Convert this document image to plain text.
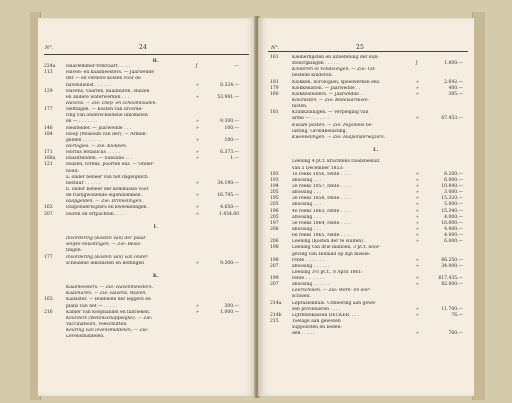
24
N°.
H.
224a	Haarlemmer-trekvaart. . . . .	ƒ	—
113	Haven- en kaaimeesters. — Jaarwedde
der — en verdere kosten voor de
havendienst . . . . . .	»	8.324.—
129	Havens, vaarten, kaaimuren, sluizen
en andere waterwerken . . .	»	53.981.—
Havens. — Zie: Diep- en schoonhouden.
177	Heffingen. — Kosten van invorde-
ring van onderscheidene inkomsten
en — . . . . . . .	»	9.300.—
146	Heistelder. — Jaarwedde . . .	»	100.—
184	Hoop (Museum van der). — Armen-
gelden . . . . . . .	»	100.—
Horlogiës. — Zie: Klokken.
171	Hortus Botanicus . . . . .	»	6.373.—
188a	Huisittenden. — Subsidie . . .	»	1.—
121	Huizen, torens, poorten enz. — Onder-
houd:
a. onder beheer van het dagelijksch
bestuur . . . . . .	»	34.190.—
b. onder beheer der kommissie voor
de rustigwonende eigendommen .	»	16.795.—
Hulpgelden. — Zie: Drinkelingen.
163	Hulponderwijzers en kweekelingen .	»	4.650.—
207	Huren en erfpachten . . . .	»	1.454.60
I.
Invordering (Kosten van) der plaat-
selijke belastingen. — Zie: Belas-
tingen.
177	Invordering (Kosten van) van onder-
scheidene inkomsten en heffingen	»	9.300.—
K.
Kaaimeesters. — Zie: Havenmeesters.
Kaaimuren. — Zie: Havens, Wallen.
163	Kadaster. — Bobbelen der leggers en
plans van het — . . . . .	»	300.—
216	Kamer van koophandel en fabrieken.	»	1.000.—
Keurders (Wetenschappelijke). — Zie:
Vaccinateurs, Veeschutten.
Keuring van levensmiddelen. — Zie:
Levensmiddelen.
25
N°.
161	Kleinerhijsten en uitoefening der kun-
sten/rijkingen . . . . .	ƒ	1.800.—
Kinderen in Vondelingen. — Zie: Uit-
bestede kinderen.
181	Klokken, horologiën, speelwerken enz.	»	2.642.—
179	Klokkenisten. — Jaarwedde . .	»	400.—
180	Klokkestelders. — Jaarwedde . .	»	385.—
Kolonisten. — Zie: Bedelaarskolo-
nisten.
181	Krankzinnigen. — Verpleging van
arme — . . . . . . .	»	67.453.—
Kwade posten. — Zie: Paysmele be-
lasting, Grondbelasting.
Kweekelingen. — Zie: Hulponderwijzers.
L.
Leening 4 pCt. krachtens raadsbesluit
van 5 December 1853:
193	1e reeks 1856, rente . . . .	»	8.200.—
193	aflossing . . .	»	6.000.—
194	2e reeks 1857, rente . . . .	»	10.840.—
205	aflossing . . .	»	3.000.—
195	3e reeks 1858, rente . . . .	»	15.320.—
205	aflossing . . .	»	5.000.—
196	4e reeks 1863, rente . . . .	»	15.340.—
205	aflossing . . .	»	4.000.—
197	5e reeks 1864, rente . . . .	»	16.000.—
206	aflossing . . .	»	4.000.—
6e reeks 1865, rente . . . .	»	4.000.—
206	Leening (Kosten der te sluiten) .	»	6.000.—
198	Leening van drie millioen, 3 pCt. door-
geving van Holland op zijn missie:
198	rente . . . . . . .	»	66.250.—
207	aflossing . . . . . .	»	34.000.—
Leening 3½ pCt., 8 April 1861:
199	rente . . . . . . .	»	617.435.—
207	aflossing . . . . . .	»	82.000.—
Leerscholen. — Zie: Werk- en leer-
scholen.
214a	Lepraziekhuis. Uitkeering aan gewe-
zen provenieren . . . .	»	11.700.—
214b	Lijfrentekassen DECKER. . . .	»	76.—
215	Toelage aan gewezen
suppoosten en beden-
den . . . . .	»	760.—
